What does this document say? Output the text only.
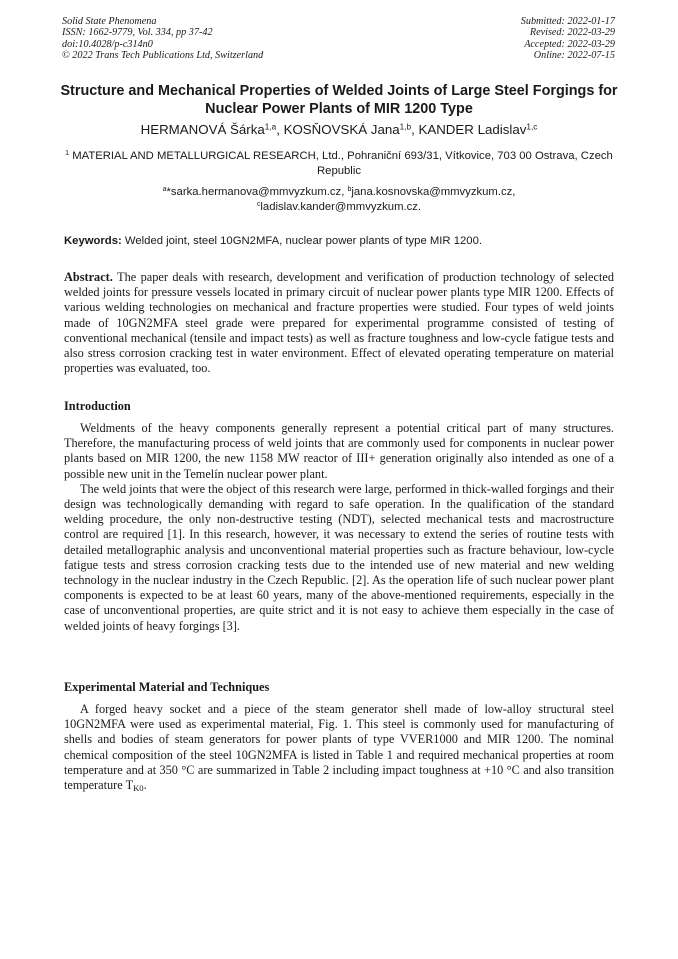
Solid State Phenomena
ISSN: 1662-9779, Vol. 334, pp 37-42
doi:10.4028/p-c314n0
© 2022 Trans Tech Publications Ltd, Switzerland
Submitted: 2022-01-17
Revised: 2022-03-29
Accepted: 2022-03-29
Online: 2022-07-15
Structure and Mechanical Properties of Welded Joints of Large Steel Forgings for Nuclear Power Plants of MIR 1200 Type
HERMANOVÁ Šárka$^{1,a}$, KOSŇOVSKÁ Jana$^{1,b}$, KANDER Ladislav$^{1,c}$
$^1$ MATERIAL AND METALLURGICAL RESEARCH, Ltd., Pohraniční 693/31, Vítkovice, 703 00 Ostrava, Czech Republic
$^a$*sarka.hermanova@mmvyzkum.cz, $^b$jana.kosnovska@mmvyzkum.cz,
$^c$ladislav.kander@mmvyzkum.cz.
Keywords: Welded joint, steel 10GN2MFA, nuclear power plants of type MIR 1200.

Abstract. The paper deals with research, development and verification of production technology of selected welded joints for pressure vessels located in primary circuit of nuclear power plants type MIR 1200. Effects of various welding technologies on mechanical and fracture properties were studied. Four types of weld joints made of 10GN2MFA steel grade were prepared for experimental programme consisted of testing of conventional mechanical (tensile and impact tests) as well as fracture toughness and low-cycle fatigue tests and also stress corrosion cracking test in water environment. Effect of elevated operating temperature on material properties was evaluated, too.

Introduction

Weldments of the heavy components generally represent a potential critical part of many structures. Therefore, the manufacturing process of weld joints that are commonly used for components in nuclear power plants based on MIR 1200, the new 1158 MW reactor of III+ generation originally also intended as one of a possible new unit in the Temelín nuclear power plant.

The weld joints that were the object of this research were large, performed in thick-walled forgings and their design was technologically demanding with regard to safe operation. In the qualification of the standard welding procedure, the only non-destructive testing (NDT), selected mechanical tests and macrostructure control are required [1]. In this research, however, it was necessary to extend the series of routine tests with detailed metallographic analysis and unconventional material properties such as fracture behaviour, low-cycle fatigue tests and stress corrosion cracking tests due to the intended use of new material and new welding technology in the nuclear industry in the Czech Republic. [2]. As the operation life of such nuclear power plant components is expected to be at least 60 years, many of the above-mentioned requirements, especially in the case of unconventional properties, are quite strict and it is not easy to achieve them especially in the case of welded joints of heavy forgings [3].

Experimental Material and Techniques

A forged heavy socket and a piece of the steam generator shell made of low-alloy structural steel 10GN2MFA were used as experimental material, Fig. 1. This steel is commonly used for manufacturing of shells and bodies of steam generators for power plants of type VVER1000 and MIR 1200. The nominal chemical composition of the steel 10GN2MFA is listed in Table 1 and required mechanical properties at room temperature and at 350 °C are summarized in Table 2 including impact toughness at +10 °C and also transition temperature $T_{K0}$.
